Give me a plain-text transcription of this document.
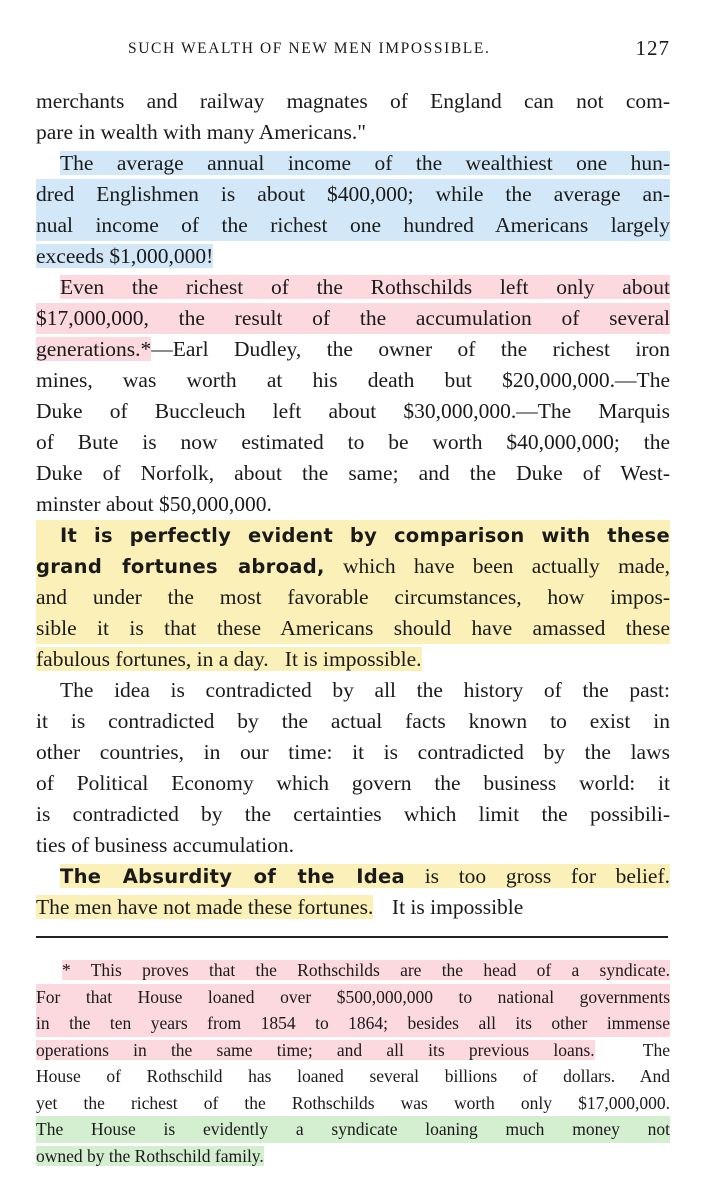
SUCH WEALTH OF NEW MEN IMPOSSIBLE.	127
merchants and railway magnates of England can not com-
pare in wealth with many Americans."
The average annual income of the wealthiest one hun-
dred Englishmen is about $400,000; while the average an-
nual income of the richest one hundred Americans largely
exceeds $1,000,000!
Even the richest of the Rothschilds left only about
$17,000,000, the result of the accumulation of several
generations.*—Earl Dudley, the owner of the richest iron
mines, was worth at his death but $20,000,000.—The
Duke of Buccleuch left about $30,000,000.—The Marquis
of Bute is now estimated to be worth $40,000,000; the
Duke of Norfolk, about the same; and the Duke of West-
minster about $50,000,000.
It is perfectly evident by comparison with these
grand fortunes abroad, which have been actually made,
and under the most favorable circumstances, how impos-
sible it is that these Americans should have amassed these
fabulous fortunes, in a day.   It is impossible.
The idea is contradicted by all the history of the past:
it is contradicted by the actual facts known to exist in
other countries, in our time: it is contradicted by the laws
of Political Economy which govern the business world: it
is contradicted by the certainties which limit the possibili-
ties of business accumulation.
The Absurdity of the Idea is too gross for belief.
The men have not made these fortunes.  It is impossible
* This proves that the Rothschilds are the head of a syndicate.
For that House loaned over $500,000,000 to national governments
in the ten years from 1854 to 1864; besides all its other immense
operations in the same time; and all its previous loans.  The
House of Rothschild has loaned several billions of dollars. And
yet the richest of the Rothschilds was worth only $17,000,000.
The House is evidently a syndicate loaning much money not
owned by the Rothschild family.
